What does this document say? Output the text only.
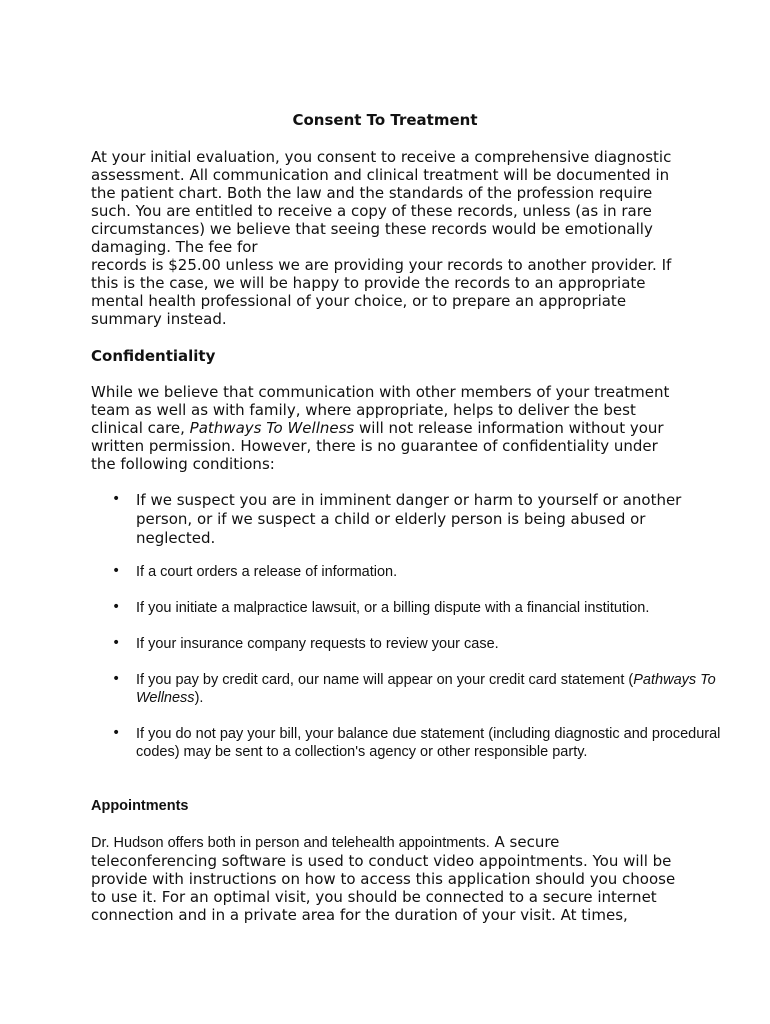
Consent To Treatment

At your initial evaluation, you consent to receive a comprehensive diagnostic assessment. All communication and clinical treatment will be documented in the patient chart. Both the law and the standards of the profession require such. You are entitled to receive a copy of these records, unless (as in rare circumstances) we believe that seeing these records would be emotionally damaging. The fee for
records is $25.00 unless we are providing your records to another provider. If this is the case, we will be happy to provide the records to an appropriate mental health professional of your choice, or to prepare an appropriate summary instead.

Confidentiality

While we believe that communication with other members of your treatment team as well as with family, where appropriate, helps to deliver the best clinical care, Pathways To Wellness will not release information without your written permission. However, there is no guarantee of confidentiality under the following conditions:

• If we suspect you are in imminent danger or harm to yourself or another person, or if we suspect a child or elderly person is being abused or neglected.
• If a court orders a release of information.
• If you initiate a malpractice lawsuit, or a billing dispute with a financial institution.
• If your insurance company requests to review your case.
• If you pay by credit card, our name will appear on your credit card statement (Pathways To Wellness).
• If you do not pay your bill, your balance due statement (including diagnostic and procedural codes) may be sent to a collection's agency or other responsible party.
Appointments

Dr. Hudson offers both in person and telehealth appointments. A secure teleconferencing software is used to conduct video appointments. You will be provide with instructions on how to access this application should you choose to use it. For an optimal visit, you should be connected to a secure internet connection and in a private area for the duration of your visit. At times,
